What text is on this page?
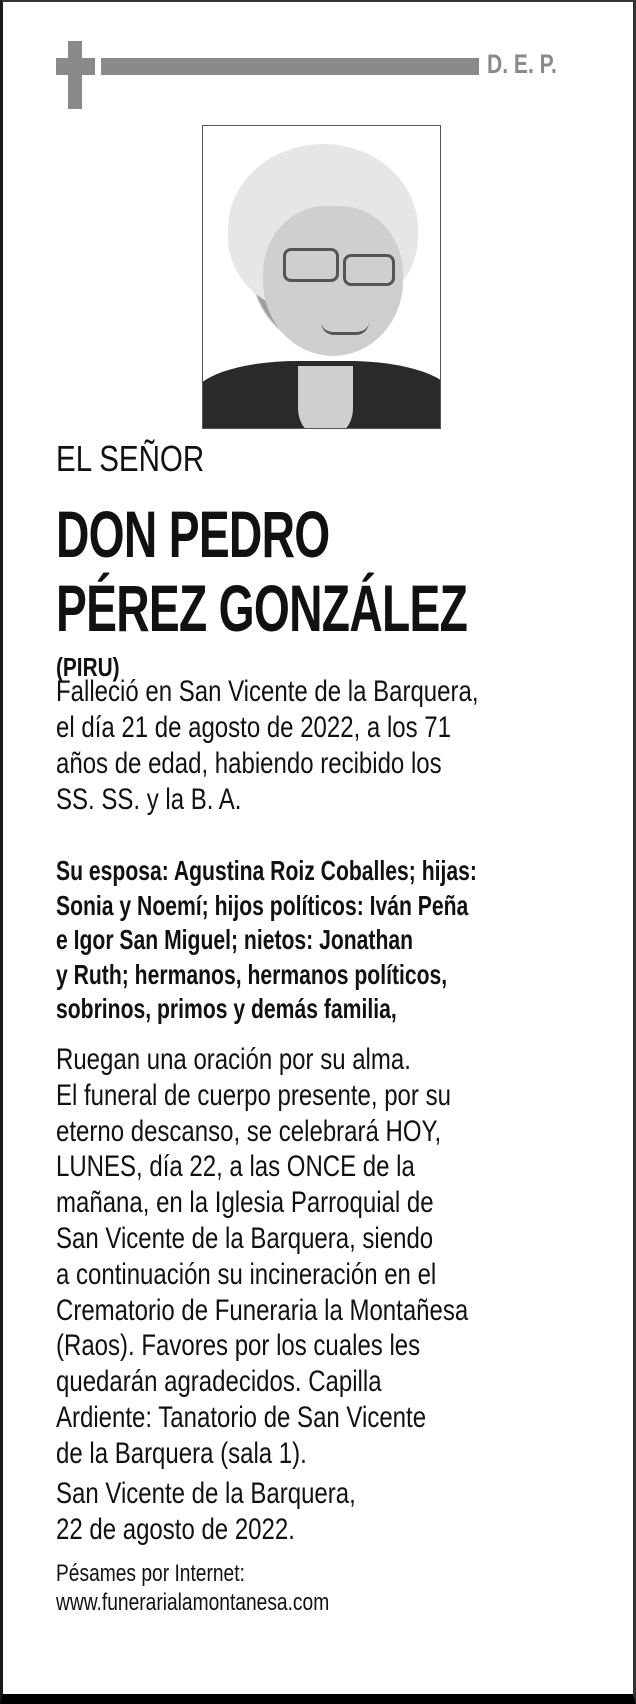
D. E. P.
EL SEÑOR
DON PEDRO
PÉREZ GONZÁLEZ
(PIRU)
Falleció en San Vicente de la Barquera,
el día 21 de agosto de 2022, a los 71
años de edad, habiendo recibido los
SS. SS. y la B. A.
Su esposa: Agustina Roiz Coballes; hijas:
Sonia y Noemí; hijos políticos: Iván Peña
e Igor San Miguel; nietos: Jonathan
y Ruth; hermanos, hermanos políticos,
sobrinos, primos y demás familia,
Ruegan una oración por su alma.
El funeral de cuerpo presente, por su
eterno descanso, se celebrará HOY,
LUNES, día 22, a las ONCE de la
mañana, en la Iglesia Parroquial de
San Vicente de la Barquera, siendo
a continuación su incineración en el
Crematorio de Funeraria la Montañesa
(Raos). Favores por los cuales les
quedarán agradecidos. Capilla
Ardiente: Tanatorio de San Vicente
de la Barquera (sala 1).
San Vicente de la Barquera,
22 de agosto de 2022.
Pésames por Internet:
www.funerarialamontanesa.com
